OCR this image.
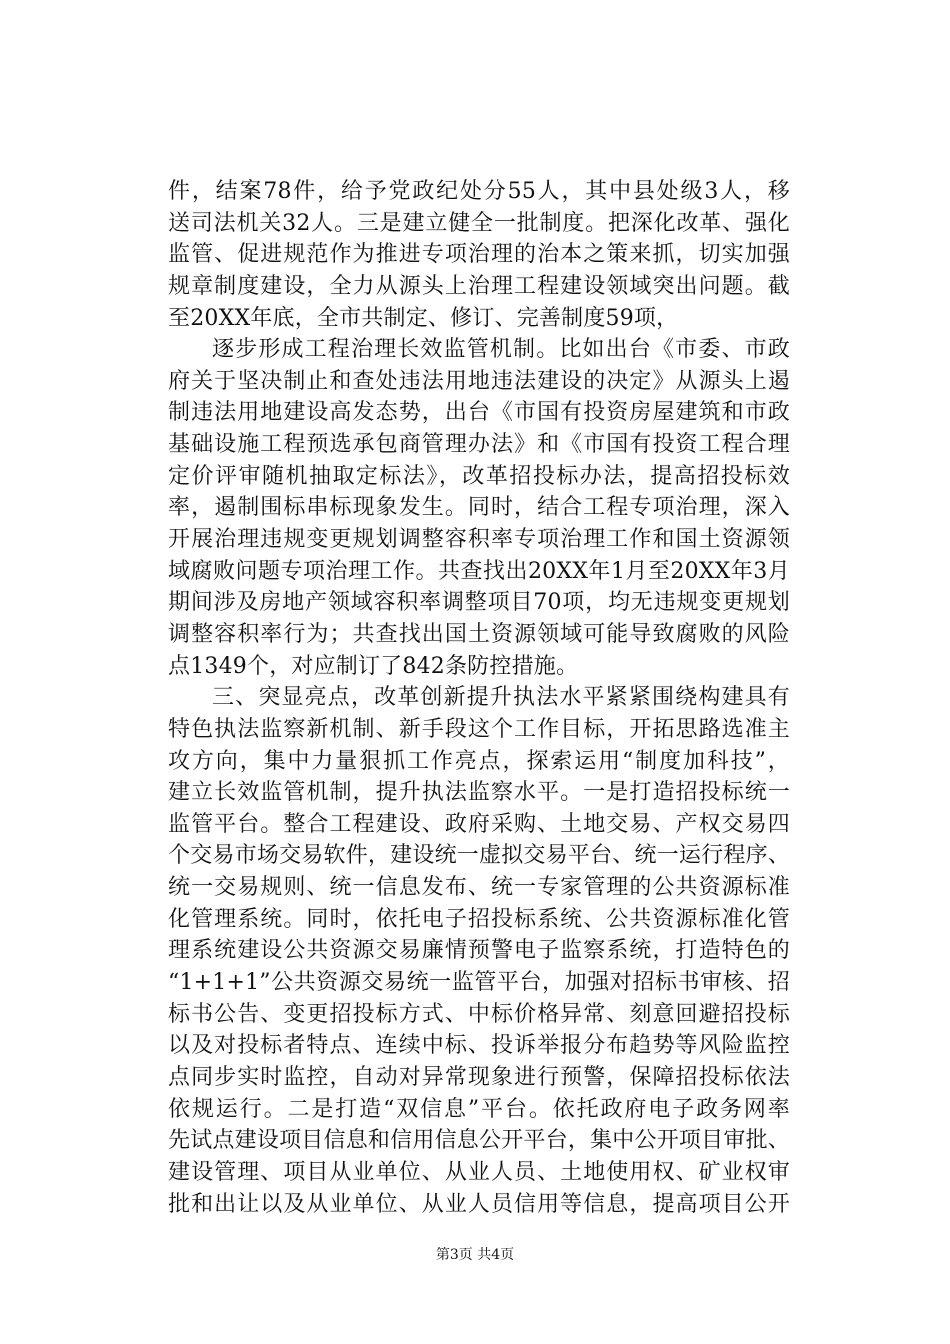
件，结案78件，给予党政纪处分55人，其中县处级3人，移
送司法机关32人。三是建立健全一批制度。把深化改革、强化
监管、促进规范作为推进专项治理的治本之策来抓，切实加强
规章制度建设，全力从源头上治理工程建设领域突出问题。截
至20XX年底，全市共制定、修订、完善制度59项，
逐步形成工程治理长效监管机制。比如出台《市委、市政
府关于坚决制止和查处违法用地违法建设的决定》从源头上遏
制违法用地建设高发态势，出台《市国有投资房屋建筑和市政
基础设施工程预选承包商管理办法》和《市国有投资工程合理
定价评审随机抽取定标法》，改革招投标办法，提高招投标效
率，遏制围标串标现象发生。同时，结合工程专项治理，深入
开展治理违规变更规划调整容积率专项治理工作和国土资源领
域腐败问题专项治理工作。共查找出20XX年1月至20XX年3月
期间涉及房地产领域容积率调整项目70项，均无违规变更规划
调整容积率行为；共查找出国土资源领域可能导致腐败的风险
点1349个，对应制订了842条防控措施。
三、突显亮点，改革创新提升执法水平紧紧围绕构建具有
特色执法监察新机制、新手段这个工作目标，开拓思路选准主
攻方向，集中力量狠抓工作亮点，探索运用“制度加科技”，
建立长效监管机制，提升执法监察水平。一是打造招投标统一
监管平台。整合工程建设、政府采购、土地交易、产权交易四
个交易市场交易软件，建设统一虚拟交易平台、统一运行程序、
统一交易规则、统一信息发布、统一专家管理的公共资源标准
化管理系统。同时，依托电子招投标系统、公共资源标准化管
理系统建设公共资源交易廉情预警电子监察系统，打造特色的
“1+1+1”公共资源交易统一监管平台，加强对招标书审核、招
标书公告、变更招投标方式、中标价格异常、刻意回避招投标
以及对投标者特点、连续中标、投诉举报分布趋势等风险监控
点同步实时监控，自动对异常现象进行预警，保障招投标依法
依规运行。二是打造“双信息”平台。依托政府电子政务网率
先试点建设项目信息和信用信息公开平台，集中公开项目审批、
建设管理、项目从业单位、从业人员、土地使用权、矿业权审
批和出让以及从业单位、从业人员信用等信息，提高项目公开
第3页 共4页
